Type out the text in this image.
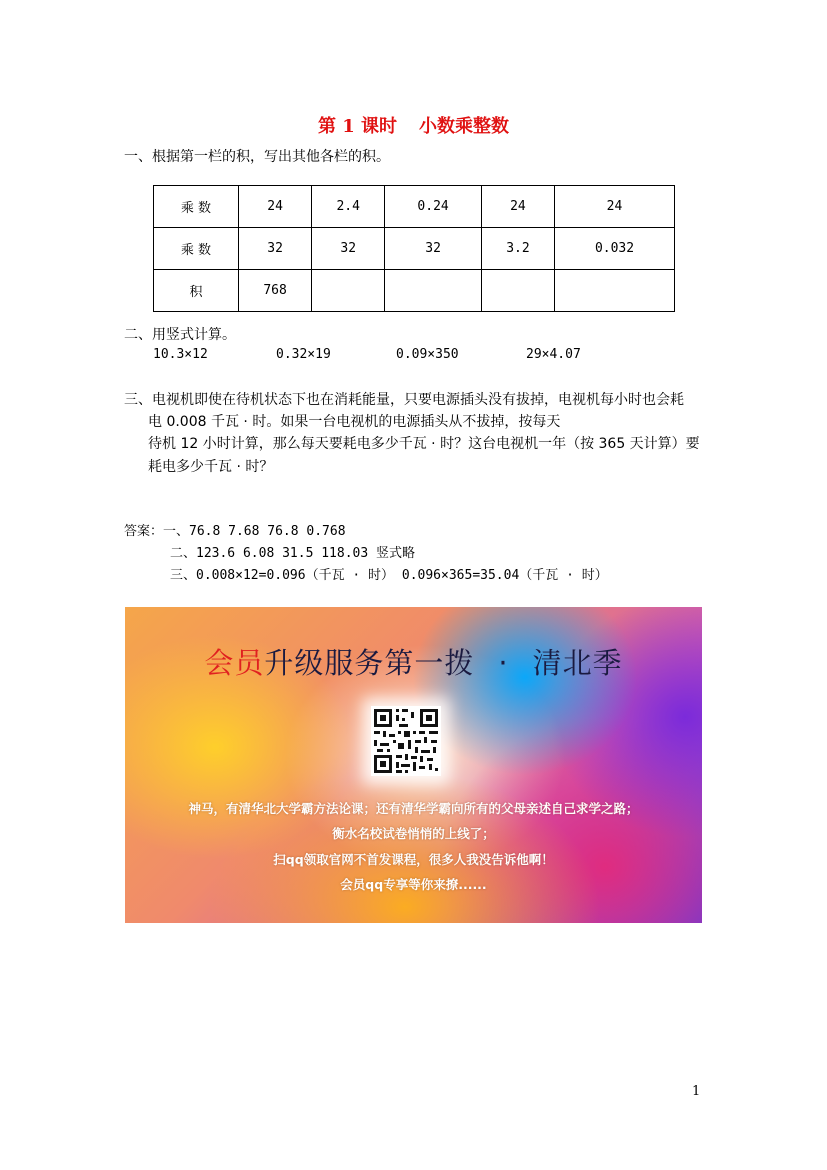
第 1 课时 小数乘整数
一、根据第一栏的积，写出其他各栏的积。
乘 数	24	2.4	0.24	24	24
乘 数	32	32	32	3.2	0.032
积	768				
二、用竖式计算。
10.3×12	0.32×19	0.09×350	29×4.07
三、电视机即使在待机状态下也在消耗能量，只要电源插头没有拔掉，电视机每小时也会耗
电 0.008 千瓦 · 时。如果一台电视机的电源插头从不拔掉，按每天
待机 12 小时计算，那么每天要耗电多少千瓦 · 时？这台电视机一年（按 365 天计算）要
耗电多少千瓦 · 时？
答案：一、76.8 7.68 76.8 0.768
二、123.6 6.08 31.5 118.03 竖式略
三、0.008×12=0.096（千瓦 · 时） 0.096×365=35.04（千瓦 · 时）
会员升级服务第一拨 · 清北季
神马，有清华北大学霸方法论课；还有清华学霸向所有的父母亲述自己求学之路；
衡水名校试卷悄悄的上线了；
扫qq领取官网不首发课程，很多人我没告诉他啊！
会员qq专享等你来撩......
1
